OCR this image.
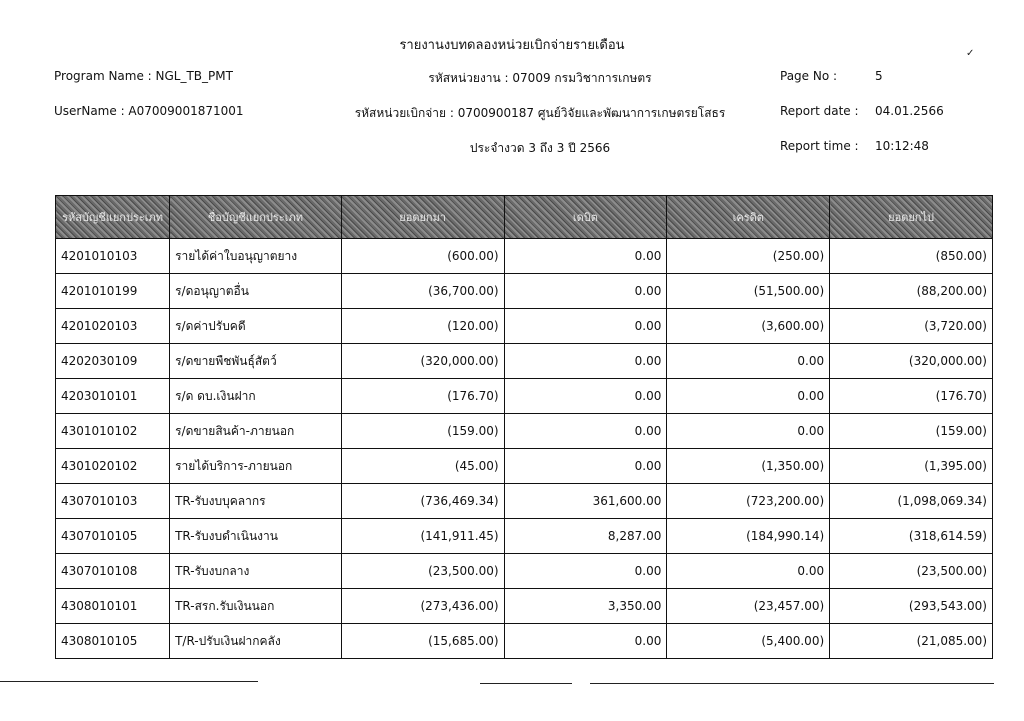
รายงานงบทดลองหน่วยเบิกจ่ายรายเดือน
Program Name : NGL_TB_PMT
UserName : A07009001871001
รหัสหน่วยงาน : 07009 กรมวิชาการเกษตร
รหัสหน่วยเบิกจ่าย : 0700900187 ศูนย์วิจัยและพัฒนาการเกษตรยโสธร
ประจำงวด 3 ถึง 3 ปี 2566
Page No :	5
Report date : 04.01.2566
Report time : 10:12:48
รหัสบัญชีแยกประเภท	ชื่อบัญชีแยกประเภท	ยอดยกมา	เดบิต	เครดิต	ยอดยกไป
4201010103	รายได้ค่าใบอนุญาตยาง	(600.00)	0.00	(250.00)	(850.00)
4201010199	ร/ดอนุญาตอื่น	(36,700.00)	0.00	(51,500.00)	(88,200.00)
4201020103	ร/ดค่าปรับคดี	(120.00)	0.00	(3,600.00)	(3,720.00)
4202030109	ร/ดขายพืชพันธุ์สัตว์	(320,000.00)	0.00	0.00	(320,000.00)
4203010101	ร/ด ดบ.เงินฝาก	(176.70)	0.00	0.00	(176.70)
4301010102	ร/ดขายสินค้า-ภายนอก	(159.00)	0.00	0.00	(159.00)
4301020102	รายได้บริการ-ภายนอก	(45.00)	0.00	(1,350.00)	(1,395.00)
4307010103	TR-รับงบบุคลากร	(736,469.34)	361,600.00	(723,200.00)	(1,098,069.34)
4307010105	TR-รับงบดำเนินงาน	(141,911.45)	8,287.00	(184,990.14)	(318,614.59)
4307010108	TR-รับงบกลาง	(23,500.00)	0.00	0.00	(23,500.00)
4308010101	TR-สรก.รับเงินนอก	(273,436.00)	3,350.00	(23,457.00)	(293,543.00)
4308010105	T/R-ปรับเงินฝากคลัง	(15,685.00)	0.00	(5,400.00)	(21,085.00)
✓
